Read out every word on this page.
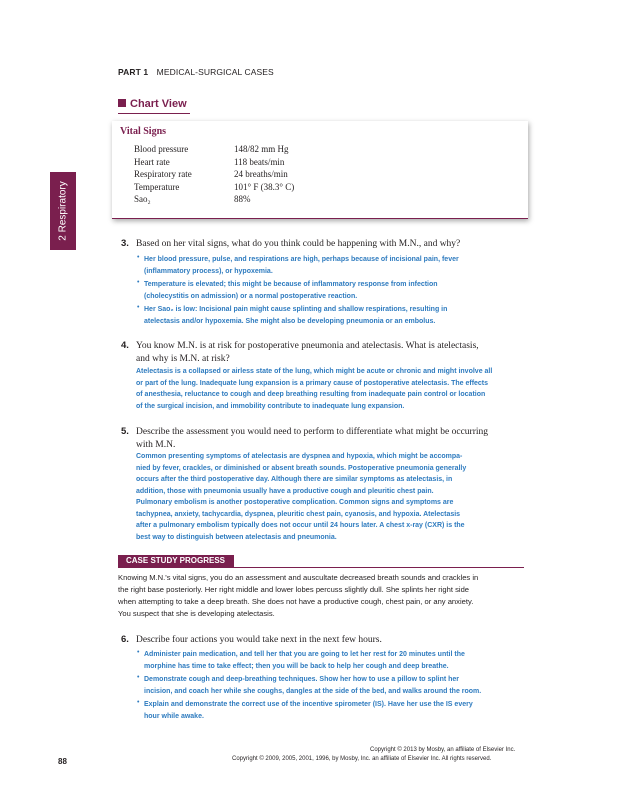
PART 1 MEDICAL-SURGICAL CASES
2 Respiratory
Chart View
Vital Signs
Blood pressure	148/82 mm Hg
Heart rate	118 beats/min
Respiratory rate	24 breaths/min
Temperature	101° F (38.3° C)
Sao₂	88%
3. Based on her vital signs, what do you think could be happening with M.N., and why?
• Her blood pressure, pulse, and respirations are high, perhaps because of incisional pain, fever
(inflammatory process), or hypoxemia.
• Temperature is elevated; this might be because of inflammatory response from infection
(cholecystitis on admission) or a normal postoperative reaction.
• Her Sao₂ is low: Incisional pain might cause splinting and shallow respirations, resulting in
atelectasis and/or hypoxemia. She might also be developing pneumonia or an embolus.
4. You know M.N. is at risk for postoperative pneumonia and atelectasis. What is atelectasis,
and why is M.N. at risk?
Atelectasis is a collapsed or airless state of the lung, which might be acute or chronic and might involve all
or part of the lung. Inadequate lung expansion is a primary cause of postoperative atelectasis. The effects
of anesthesia, reluctance to cough and deep breathing resulting from inadequate pain control or location
of the surgical incision, and immobility contribute to inadequate lung expansion.
5. Describe the assessment you would need to perform to differentiate what might be occurring
with M.N.
Common presenting symptoms of atelectasis are dyspnea and hypoxia, which might be accompa-
nied by fever, crackles, or diminished or absent breath sounds. Postoperative pneumonia generally
occurs after the third postoperative day. Although there are similar symptoms as atelectasis, in
addition, those with pneumonia usually have a productive cough and pleuritic chest pain.
Pulmonary embolism is another postoperative complication. Common signs and symptoms are
tachypnea, anxiety, tachycardia, dyspnea, pleuritic chest pain, cyanosis, and hypoxia. Atelectasis
after a pulmonary embolism typically does not occur until 24 hours later. A chest x-ray (CXR) is the
best way to distinguish between atelectasis and pneumonia.
CASE STUDY PROGRESS
Knowing M.N.'s vital signs, you do an assessment and auscultate decreased breath sounds and crackles in
the right base posteriorly. Her right middle and lower lobes percuss slightly dull. She splints her right side
when attempting to take a deep breath. She does not have a productive cough, chest pain, or any anxiety.
You suspect that she is developing atelectasis.
6. Describe four actions you would take next in the next few hours.
• Administer pain medication, and tell her that you are going to let her rest for 20 minutes until the
morphine has time to take effect; then you will be back to help her cough and deep breathe.
• Demonstrate cough and deep-breathing techniques. Show her how to use a pillow to splint her
incision, and coach her while she coughs, dangles at the side of the bed, and walks around the room.
• Explain and demonstrate the correct use of the incentive spirometer (IS). Have her use the IS every
hour while awake.
88
Copyright © 2013 by Mosby, an affiliate of Elsevier Inc.
Copyright © 2009, 2005, 2001, 1996, by Mosby, Inc. an affiliate of Elsevier Inc. All rights reserved.
